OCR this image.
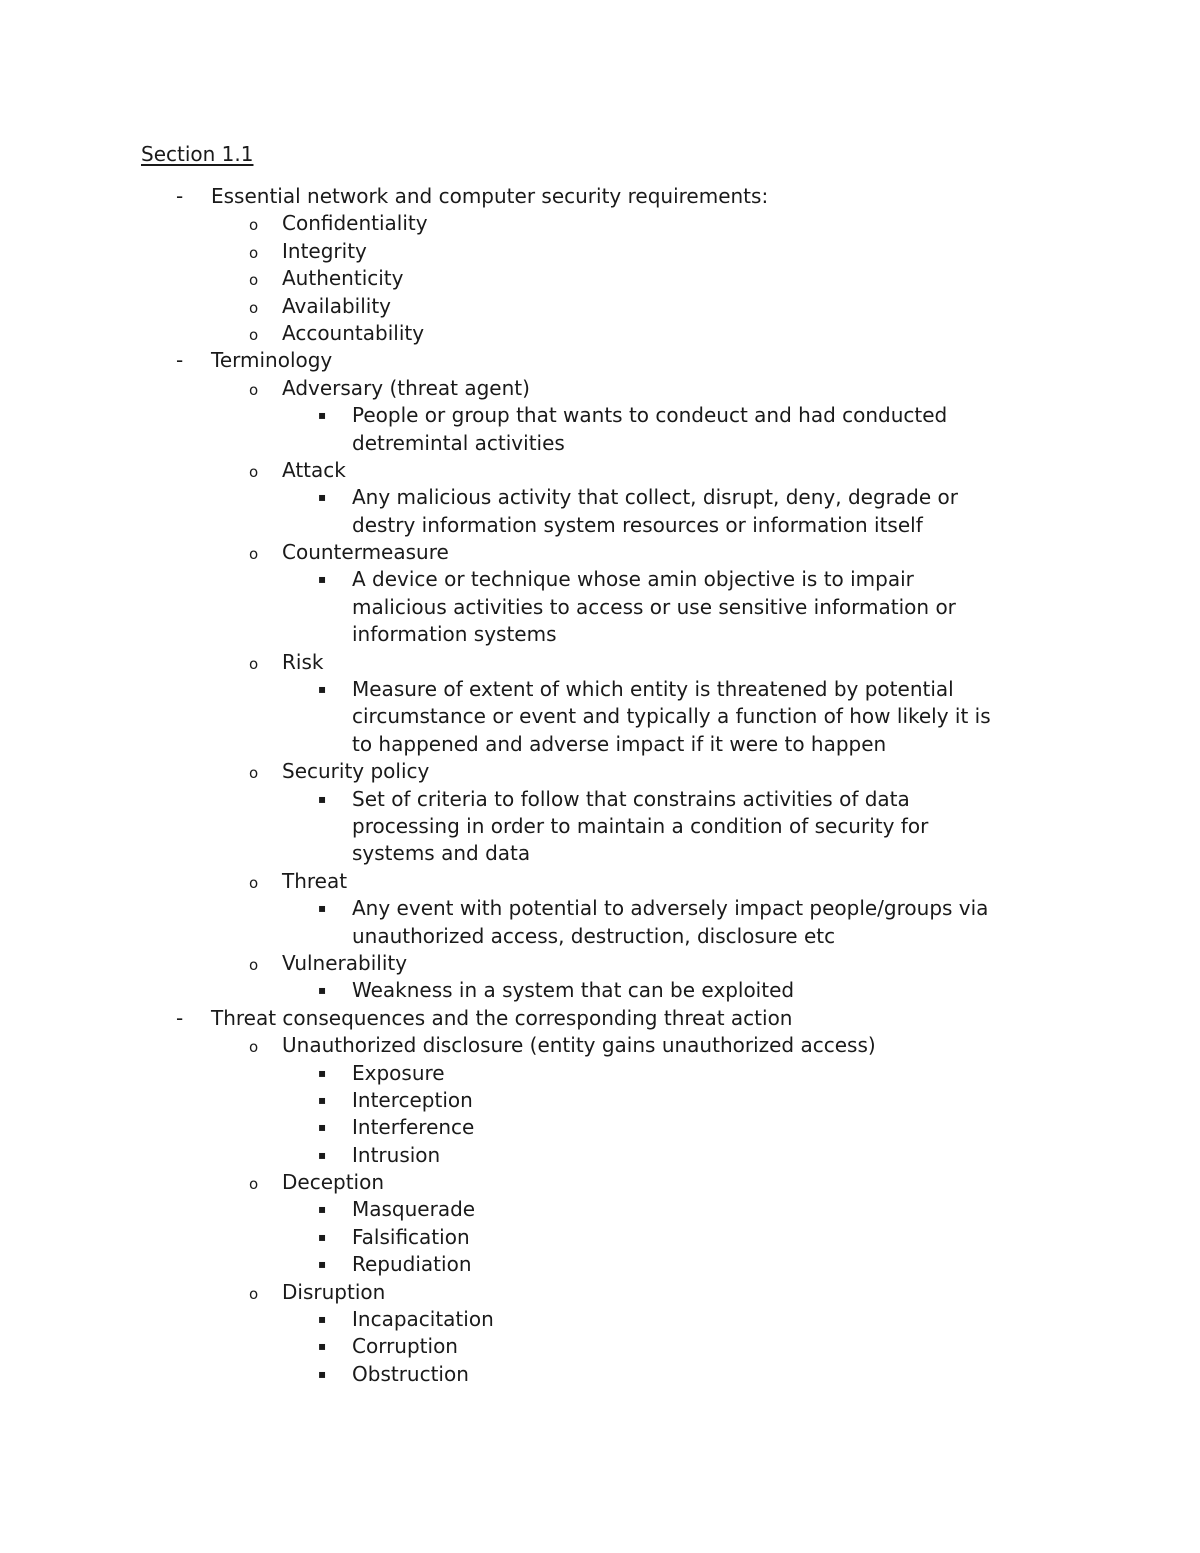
Section 1.1
- Essential network and computer security requirements:
o Confidentiality
o Integrity
o Authenticity
o Availability
o Accountability
- Terminology
o Adversary (threat agent)
▪ People or group that wants to condeuct and had conducted
detremintal activities
o Attack
▪ Any malicious activity that collect, disrupt, deny, degrade or
destry information system resources or information itself
o Countermeasure
▪ A device or technique whose amin objective is to impair
malicious activities to access or use sensitive information or
information systems
o Risk
▪ Measure of extent of which entity is threatened by potential
circumstance or event and typically a function of how likely it is
to happened and adverse impact if it were to happen
o Security policy
▪ Set of criteria to follow that constrains activities of data
processing in order to maintain a condition of security for
systems and data
o Threat
▪ Any event with potential to adversely impact people/groups via
unauthorized access, destruction, disclosure etc
o Vulnerability
▪ Weakness in a system that can be exploited
- Threat consequences and the corresponding threat action
o Unauthorized disclosure (entity gains unauthorized access)
▪ Exposure
▪ Interception
▪ Interference
▪ Intrusion
o Deception
▪ Masquerade
▪ Falsification
▪ Repudiation
o Disruption
▪ Incapacitation
▪ Corruption
▪ Obstruction
